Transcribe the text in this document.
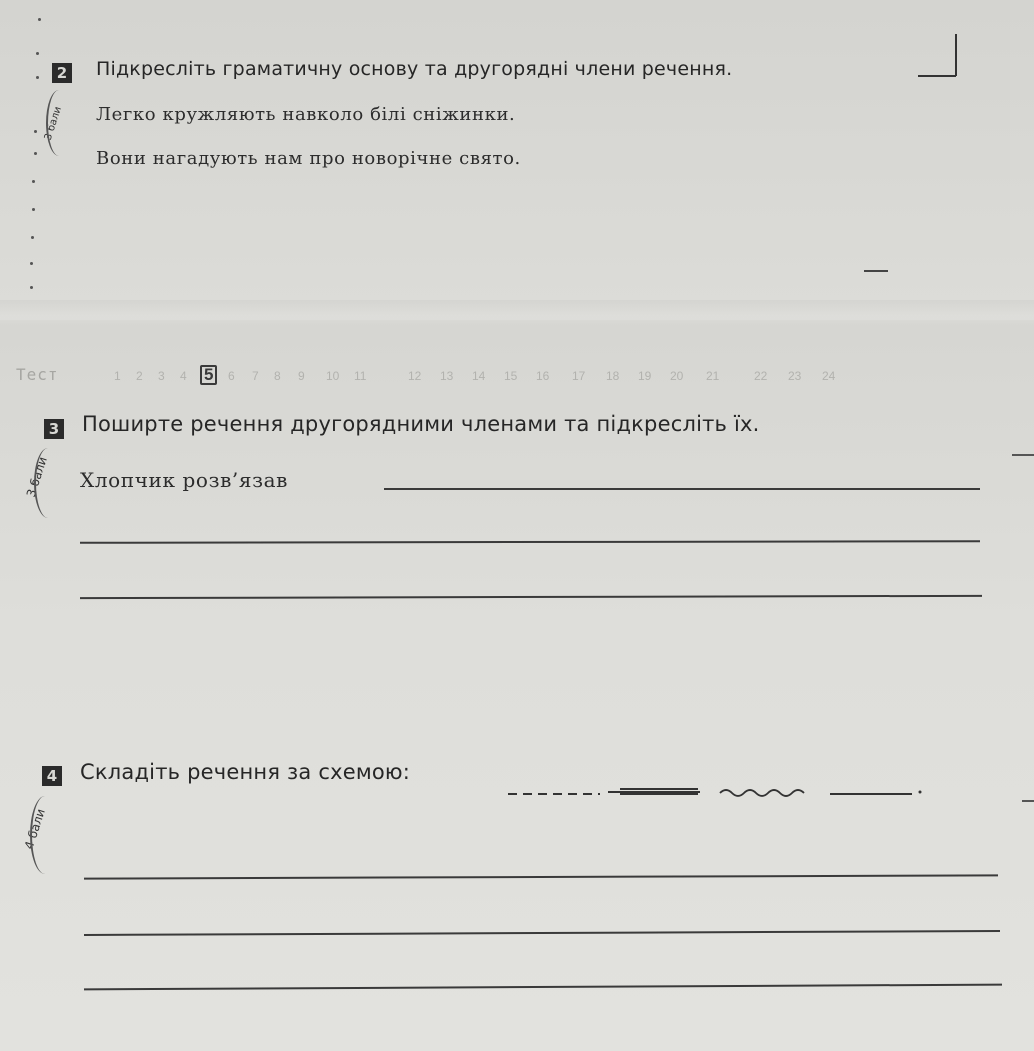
2 Підкресліть граматичну основу та другорядні члени речення.
3 бали Легко кружляють навколо білі сніжинки.
Вони нагадують нам про новорічне свято.
Тест	1 2 3 4 5	6 7 8 9 10 11	12 13 14 15 16 17 18 19 20 21	22 23 24
3 Поширте речення другорядними членами та підкресліть їх.
3 бали Хлопчик розв’язав
4 Складіть речення за схемою:
4 бали
